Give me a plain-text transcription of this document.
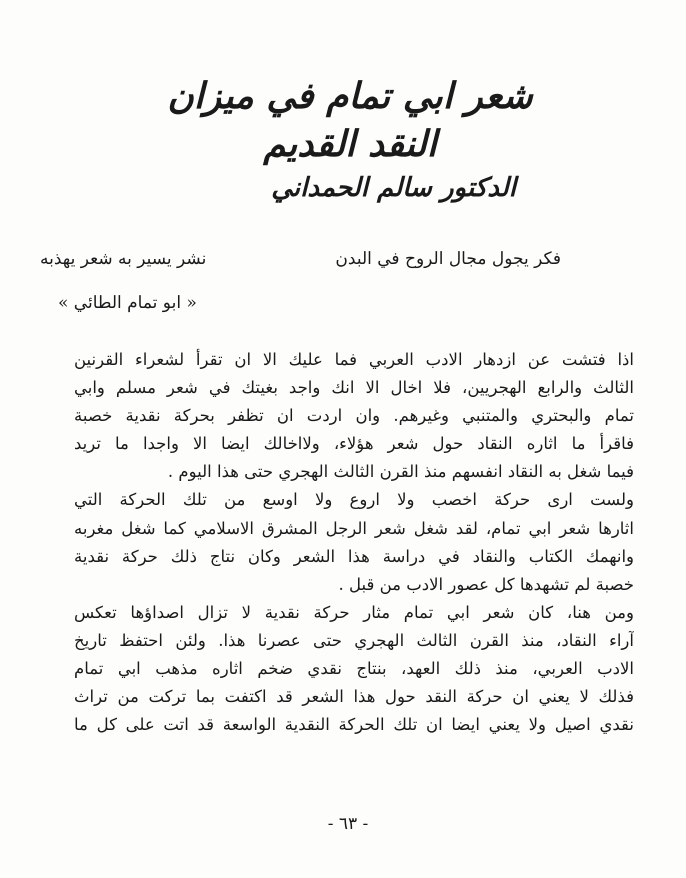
شعر ابي تمام في ميزان النقد القديم
الدكتور سالم الحمداني
فكر يجول مجال الروح في البدن
نشر يسير به شعر يهذبه
« ابو تمام الطائي »
اذا فتشت عن ازدهار الادب العربي فما عليك الا ان تقرأ لشعراء القرنين
الثالث والرابع الهجريين، فلا اخال الا انك واجد بغيتك في شعر مسلم وابي
تمام والبحتري والمتنبي وغيرهم. وان اردت ان تظفر بحركة نقدية خصبة
فاقرأ ما اثاره النقاد حول شعر هؤلاء، ولااخالك ايضا الا واجدا ما تريد
فيما شغل به النقاد انفسهم منذ القرن الثالث الهجري حتى هذا اليوم .
ولست ارى حركة اخصب ولا اروع ولا اوسع من تلك الحركة التي
اثارها شعر ابي تمام، لقد شغل شعر الرجل المشرق الاسلامي كما شغل مغربه
وانهمك الكتاب والنقاد في دراسة هذا الشعر وكان نتاج ذلك حركة نقدية
خصبة لم تشهدها كل عصور الادب من قبل .
ومن هنا، كان شعر ابي تمام مثار حركة نقدية لا تزال اصداؤها تعكس
آراء النقاد، منذ القرن الثالث الهجري حتى عصرنا هذا. ولئن احتفظ تاريخ
الادب العربي، منذ ذلك العهد، بنتاج نقدي ضخم اثاره مذهب ابي تمام
فذلك لا يعني ان حركة النقد حول هذا الشعر قد اكتفت بما تركت من تراث
نقدي اصيل ولا يعني ايضا ان تلك الحركة النقدية الواسعة قد اتت على كل ما
- ٦٣ -
